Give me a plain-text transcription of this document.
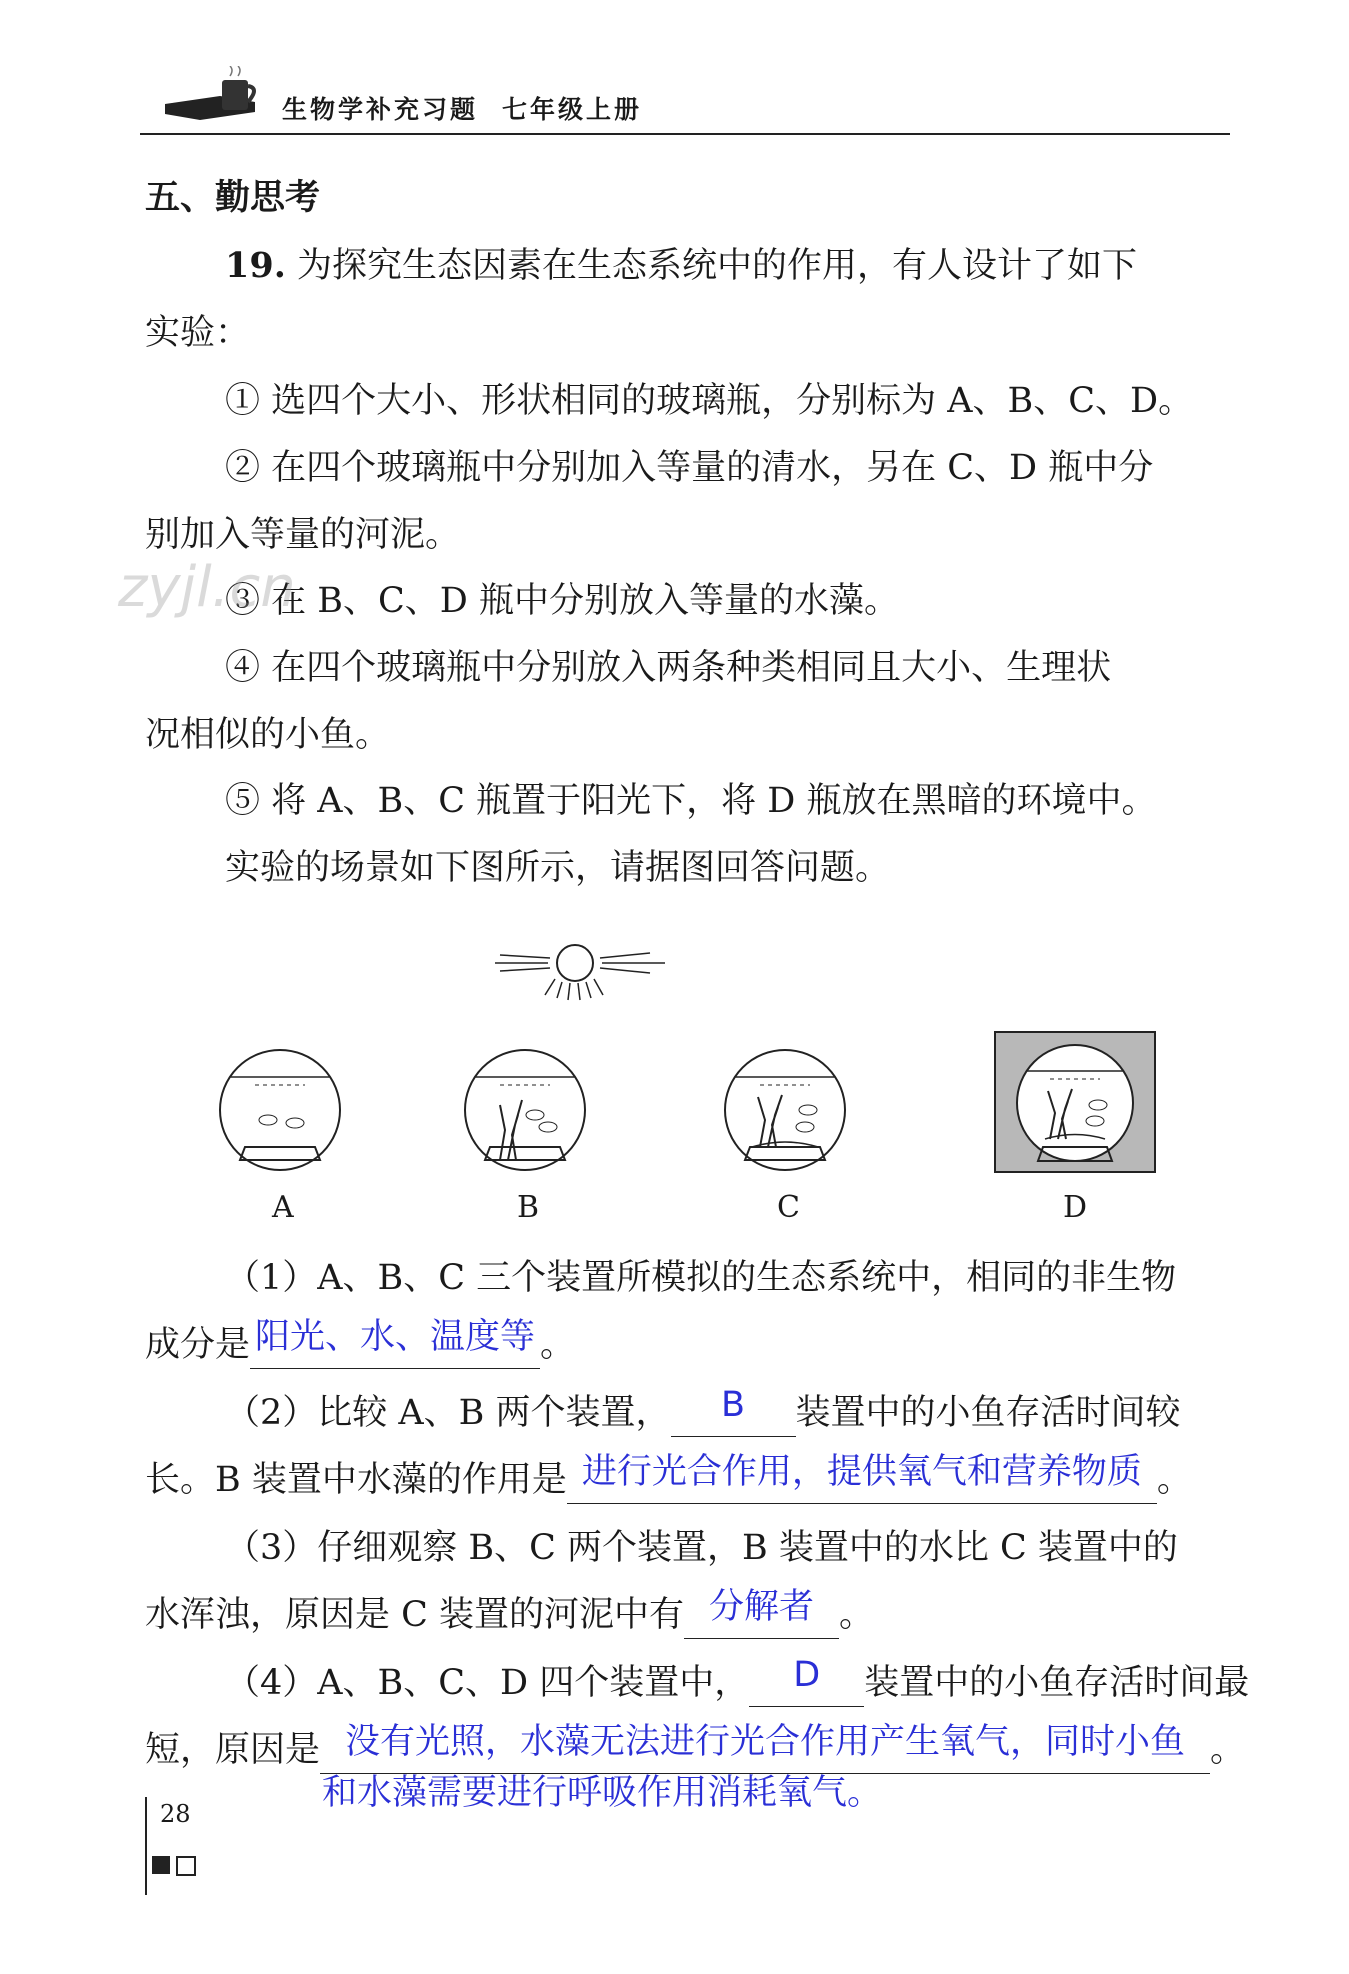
生物学补充习题 七年级上册
五、勤思考
19. 为探究生态因素在生态系统中的作用，有人设计了如下
实验：
① 选四个大小、形状相同的玻璃瓶，分别标为 A、B、C、D。
② 在四个玻璃瓶中分别加入等量的清水，另在 C、D 瓶中分
别加入等量的河泥。
③ 在 B、C、D 瓶中分别放入等量的水藻。
④ 在四个玻璃瓶中分别放入两条种类相同且大小、生理状
况相似的小鱼。
⑤ 将 A、B、C 瓶置于阳光下，将 D 瓶放在黑暗的环境中。
实验的场景如下图所示，请据图回答问题。
zyjl.cn
A	B	C	D
（1）A、B、C 三个装置所模拟的生态系统中，相同的非生物
成分是 阳光、水、温度等 。
（2）比较 A、B 两个装置， B 装置中的小鱼存活时间较
长。B 装置中水藻的作用是 进行光合作用，提供氧气和营养物质 。
（3）仔细观察 B、C 两个装置，B 装置中的水比 C 装置中的
水浑浊，原因是 C 装置的河泥中有 分解者 。
（4）A、B、C、D 四个装置中， D 装置中的小鱼存活时间最
短，原因是 没有光照，水藻无法进行光合作用产生氧气，同时小鱼 。
和水藻需要进行呼吸作用消耗氧气。
28
